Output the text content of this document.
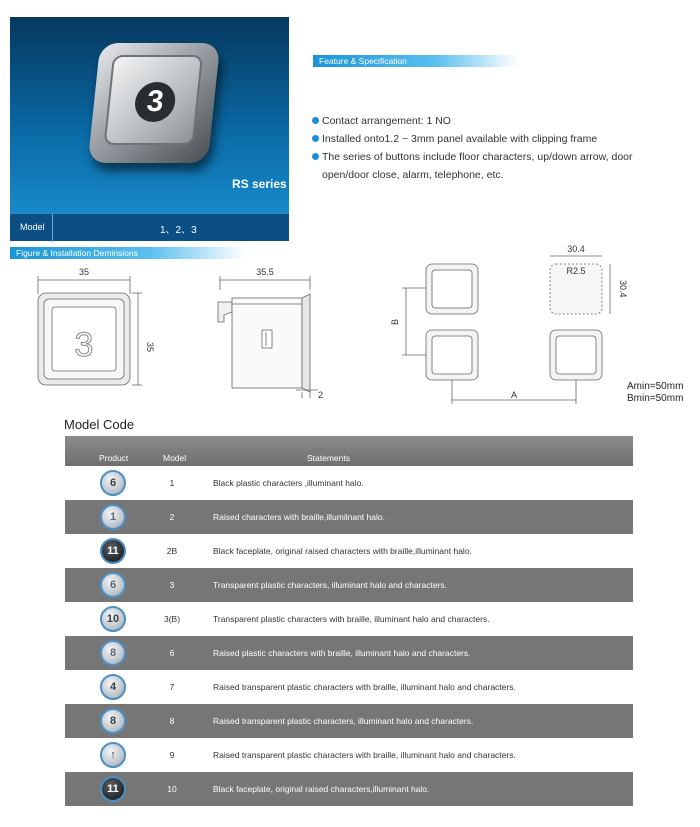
3
RS series
Model	1、2、3
Feature & Specification
Contact arrangement: 1 NO
Installed onto1.2 ~ 3mm panel available with clipping frame
The series of buttons include floor characters, up/down arrow, door open/door close, alarm, telephone, etc.
Figure & Installation Deminsions
35
35
3
35.5
2
B
A
30.4
R2.5
30.4
Amin=50mm
Bmin=50mm
Model Code
Product	Model	Statements
6	1	Black plastic characters ,illuminant halo.
1	2	Raised characters with braille,illumilnant halo.
11	2B	Black faceplate, original raised characters with braille,illuminant halo.
6	3	Transparent plastic characters, illuminant halo and characters.
10	3(B)	Transparent plastic characters with braille, illuminant halo and characters.
8	6	Raised plastic characters with braille, illuminant halo and characters.
4	7	Raised transparent plastic characters with braille, illuminant halo and characters.
8	8	Raised transparent plastic characters, illuminant halo and characters.
↑	9	Raised transparent plastic characters with braille, illuminant halo and characters.
11	10	Black faceplate, original raised characters,illuminant halo.
